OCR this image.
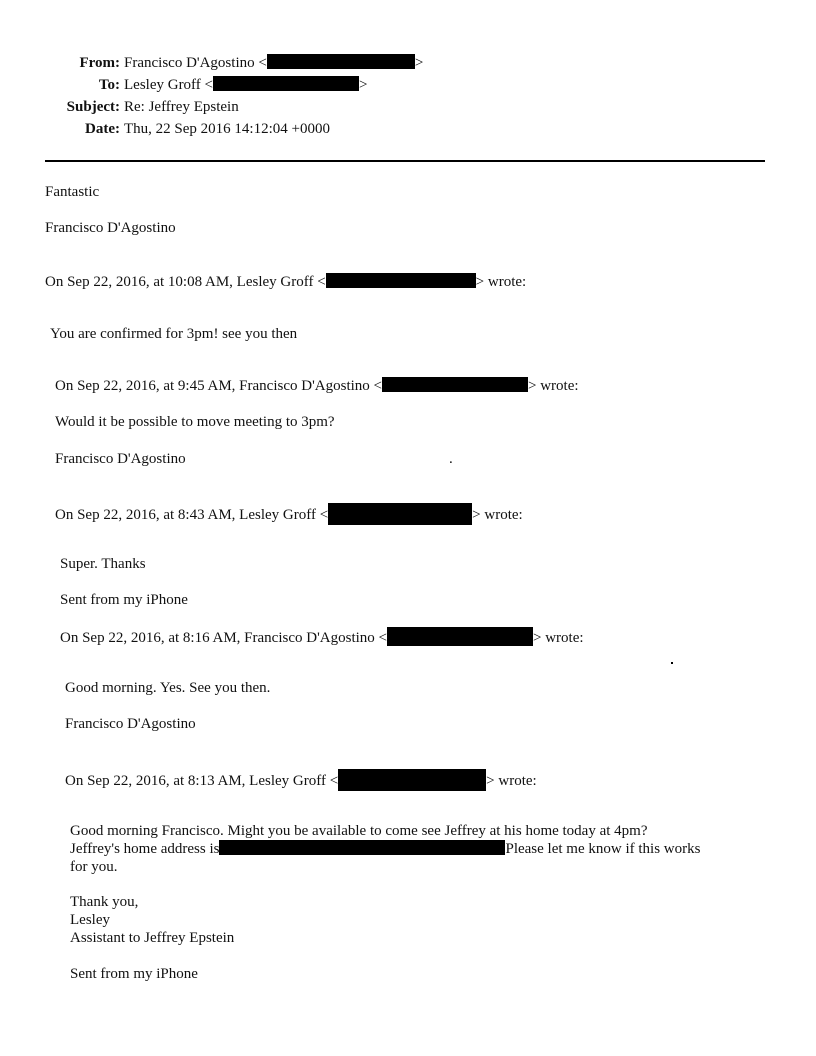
From: Francisco D'Agostino <	>
To: Lesley Groff <	>
Subject: Re: Jeffrey Epstein
Date: Thu, 22 Sep 2016 14:12:04 +0000
Fantastic
Francisco D'Agostino
On Sep 22, 2016, at 10:08 AM, Lesley Groff <	> wrote:
You are confirmed for 3pm! see you then
On Sep 22, 2016, at 9:45 AM, Francisco D'Agostino <	> wrote:
Would it be possible to move meeting to 3pm?
Francisco D'Agostino	.
On Sep 22, 2016, at 8:43 AM, Lesley Groff <	> wrote:
Super. Thanks
Sent from my iPhone
On Sep 22, 2016, at 8:16 AM, Francisco D'Agostino <	> wrote:
Good morning. Yes. See you then.
Francisco D'Agostino
On Sep 22, 2016, at 8:13 AM, Lesley Groff <	> wrote:
Good morning Francisco. Might you be available to come see Jeffrey at his home today at 4pm?
Jeffrey's home address is	Please let me know if this works
for you.
Thank you,
Lesley
Assistant to Jeffrey Epstein
Sent from my iPhone
